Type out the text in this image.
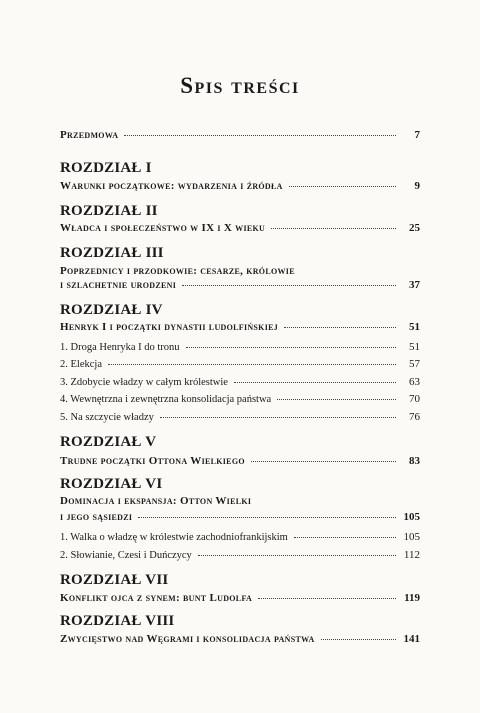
Spis treści
Przedmowa	7
ROZDZIAŁ I
Warunki początkowe: wydarzenia i źródła	9
ROZDZIAŁ II
Władca i społeczeństwo w IX i X wieku	25
ROZDZIAŁ III
Poprzednicy i przodkowie: cesarze, królowie
i szlachetnie urodzeni	37
ROZDZIAŁ IV
Henryk I i początki dynastii ludolfińskiej	51
1. Droga Henryka I do tronu	51
2. Elekcja	57
3. Zdobycie władzy w całym królestwie	63
4. Wewnętrzna i zewnętrzna konsolidacja państwa	70
5. Na szczycie władzy	76
ROZDZIAŁ V
Trudne początki Ottona Wielkiego	83
ROZDZIAŁ VI
Dominacja i ekspansja: Otton Wielki
i jego sąsiedzi	105
1. Walka o władzę w królestwie zachodniofrankijskim	105
2. Słowianie, Czesi i Duńczycy	112
ROZDZIAŁ VII
Konflikt ojca z synem: bunt Ludolfa	119
ROZDZIAŁ VIII
Zwycięstwo nad Węgrami i konsolidacja państwa	141
